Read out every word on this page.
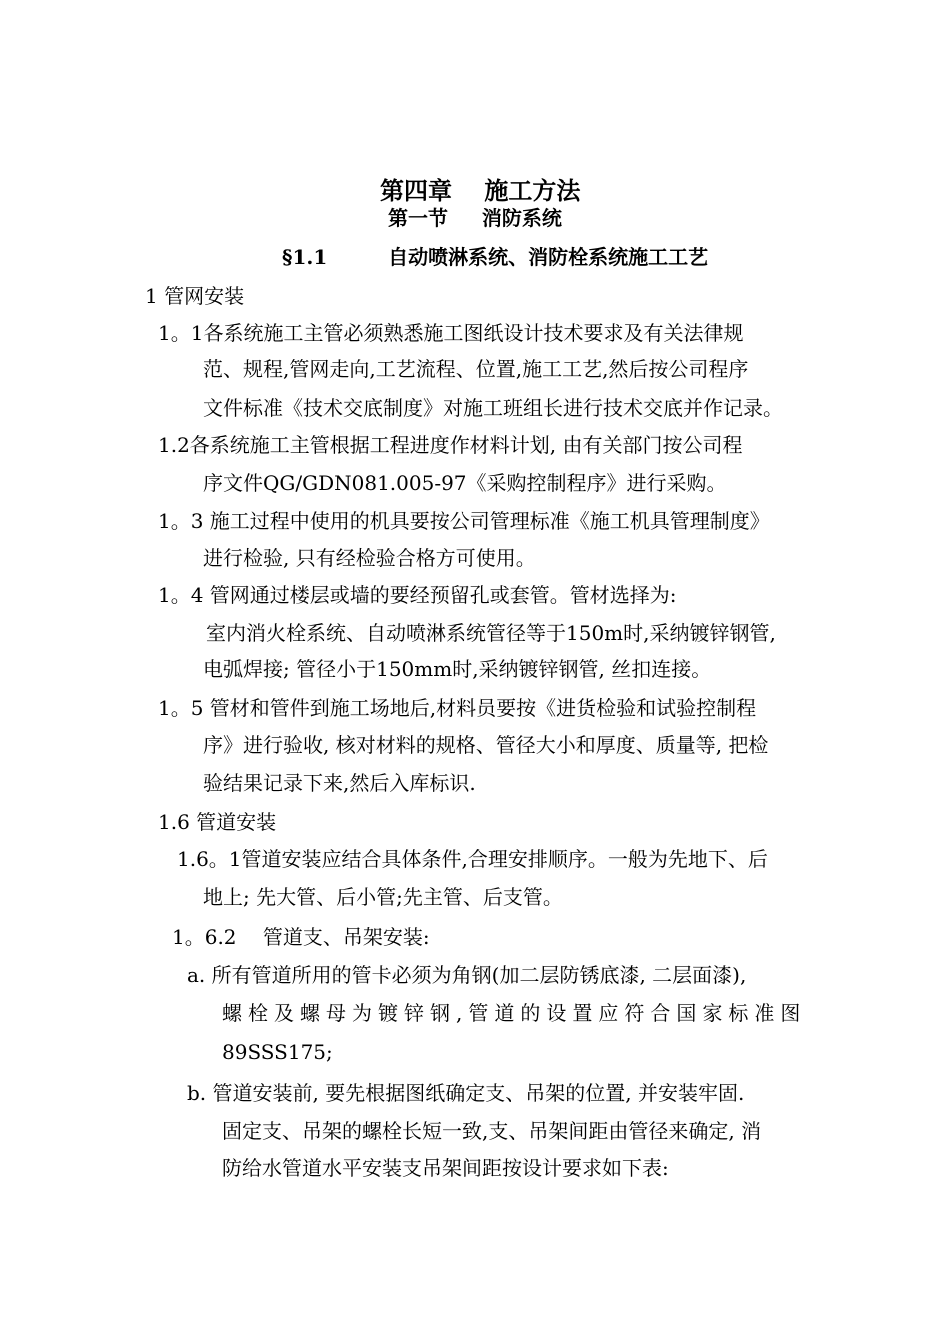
第四章　 施工方法
第一节 　 消防系统
§1.1 　 　 自动喷淋系统、消防栓系统施工工艺
1 管网安装
1。1各系统施工主管必须熟悉施工图纸设计技术要求及有关法律规
范、规程,管网走向,工艺流程、位置,施工工艺,然后按公司程序
文件标准《技术交底制度》对施工班组长进行技术交底并作记录。
1.2各系统施工主管根据工程进度作材料计划, 由有关部门按公司程
序文件QG/GDN081.005-97《采购控制程序》进行采购。
1。3 施工过程中使用的机具要按公司管理标准《施工机具管理制度》
进行检验, 只有经检验合格方可使用。
1。4 管网通过楼层或墙的要经预留孔或套管。管材选择为:
室内消火栓系统、自动喷淋系统管径等于150m时,采纳镀锌钢管,
电弧焊接; 管径小于150mm时,采纳镀锌钢管, 丝扣连接。
1。5 管材和管件到施工场地后,材料员要按《进货检验和试验控制程
序》进行验收, 核对材料的规格、管径大小和厚度、质量等, 把检
验结果记录下来,然后入库标识.
1.6 管道安装
1.6。1管道安装应结合具体条件,合理安排顺序。一般为先地下、后
地上; 先大管、后小管;先主管、后支管。
1。6.2 　管道支、吊架安装:
a. 所有管道所用的管卡必须为角钢(加二层防锈底漆, 二层面漆),
螺栓及螺母为镀锌钢,管道的设置应符合国家标准图
89SSS175;
b. 管道安装前, 要先根据图纸确定支、吊架的位置, 并安装牢固.
固定支、吊架的螺栓长短一致,支、吊架间距由管径来确定, 消
防给水管道水平安装支吊架间距按设计要求如下表:
